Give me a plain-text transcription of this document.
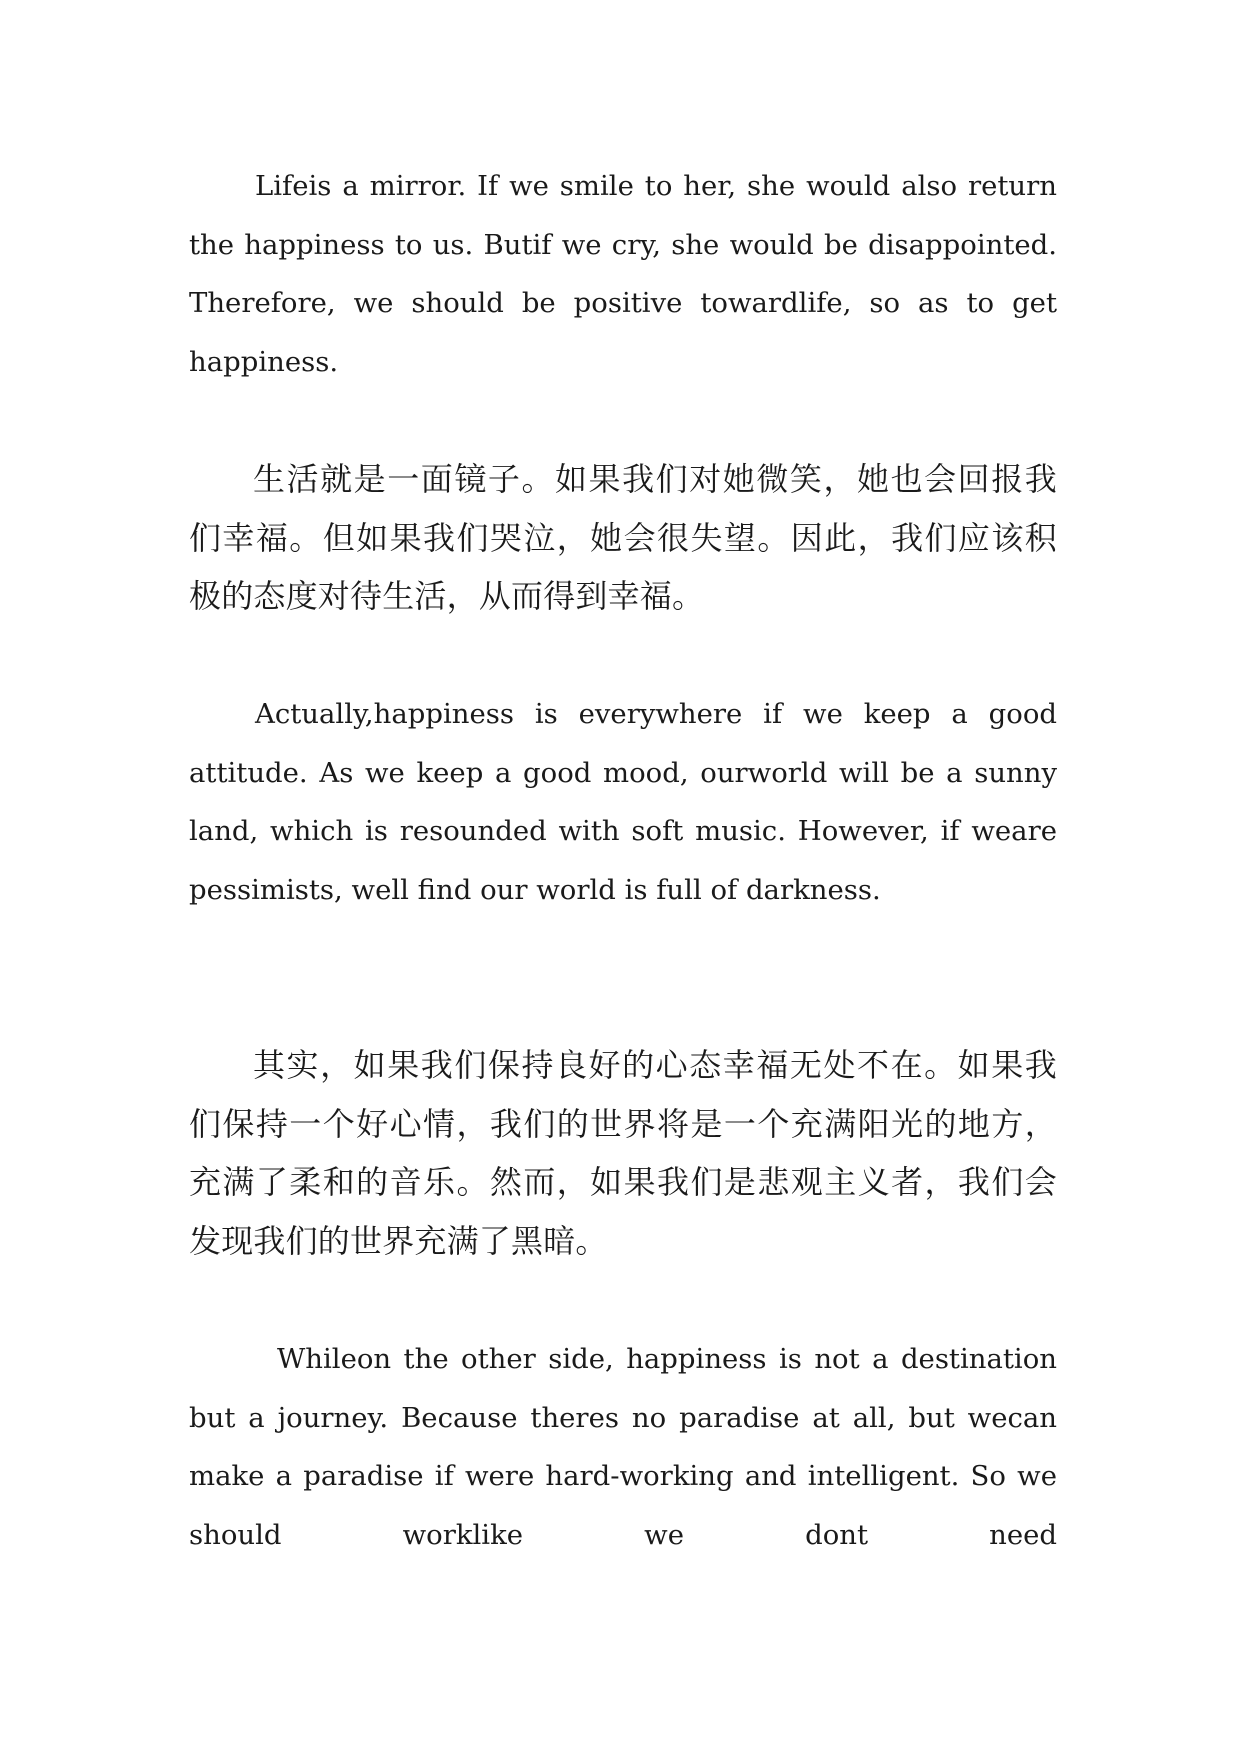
Lifeis a mirror. If we smile to her, she would also return the happiness to us. Butif we cry, she would be disappointed. Therefore, we should be positive towardlife, so as to get happiness.

生活就是一面镜子。如果我们对她微笑，她也会回报我们幸福。但如果我们哭泣，她会很失望。因此，我们应该积极的态度对待生活，从而得到幸福。

Actually,happiness is everywhere if we keep a good attitude. As we keep a good mood, ourworld will be a sunny land, which is resounded with soft music. However, if weare pessimists, well find our world is full of darkness.

其实，如果我们保持良好的心态幸福无处不在。如果我们保持一个好心情，我们的世界将是一个充满阳光的地方，充满了柔和的音乐。然而，如果我们是悲观主义者，我们会发现我们的世界充满了黑暗。

Whileon the other side, happiness is not a destination but a journey. Because theres no paradise at all, but wecan make a paradise if were hard-working and intelligent. So we should worklike we dont need
